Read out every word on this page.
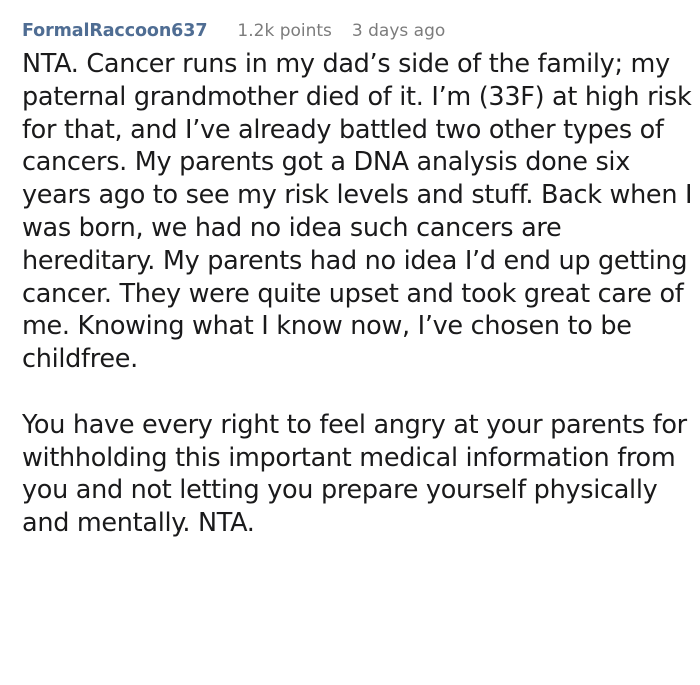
FormalRaccoon637 1.2k points 3 days ago

NTA. Cancer runs in my dad’s side of the family; my paternal grandmother died of it. I’m (33F) at high risk for that, and I’ve already battled two other types of cancers. My parents got a DNA analysis done six years ago to see my risk levels and stuff. Back when I was born, we had no idea such cancers are hereditary. My parents had no idea I’d end up getting cancer. They were quite upset and took great care of me. Knowing what I know now, I’ve chosen to be childfree.

You have every right to feel angry at your parents for withholding this important medical information from you and not letting you prepare yourself physically and mentally. NTA.
